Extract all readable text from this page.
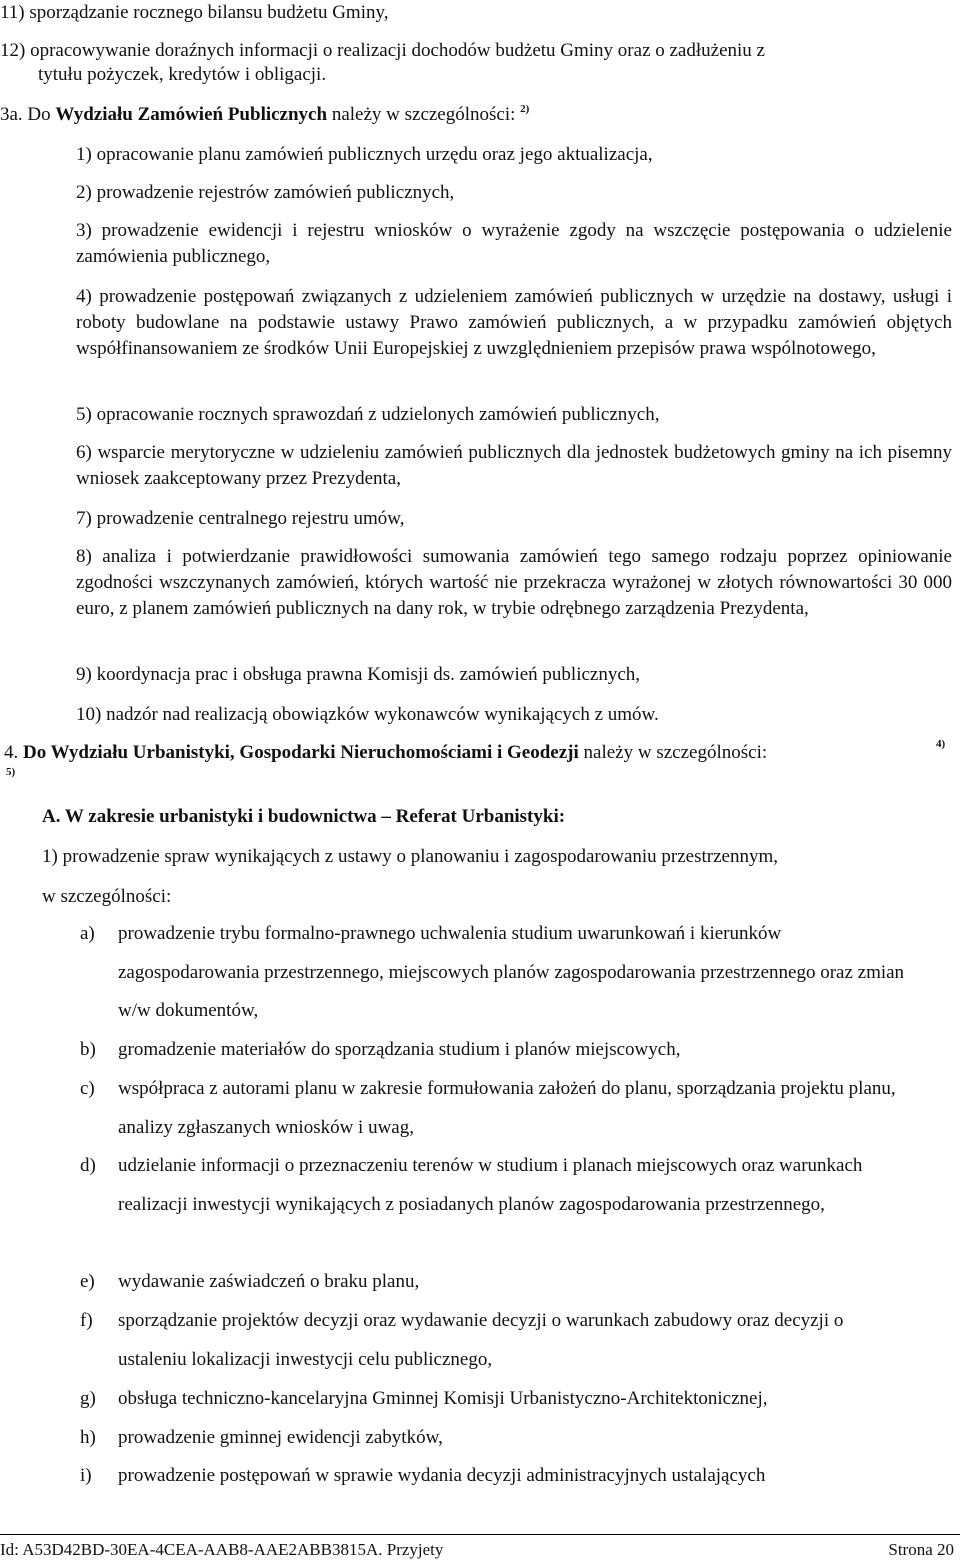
11) sporządzanie rocznego bilansu budżetu Gminy,
12) opracowywanie doraźnych informacji o realizacji dochodów budżetu Gminy oraz o zadłużeniu z
tytułu pożyczek, kredytów i obligacji.
3a. Do Wydziału Zamówień Publicznych należy w szczególności: $^{2)}$
1) opracowanie planu zamówień publicznych urzędu oraz jego aktualizacja,
2) prowadzenie rejestrów zamówień publicznych,
3) prowadzenie ewidencji i rejestru wniosków o wyrażenie zgody na wszczęcie postępowania o udzielenie zamówienia publicznego,
4) prowadzenie postępowań związanych z udzieleniem zamówień publicznych w urzędzie na dostawy, usługi i roboty budowlane na podstawie ustawy Prawo zamówień publicznych, a w przypadku zamówień objętych współfinansowaniem ze środków Unii Europejskiej z uwzględnieniem przepisów prawa wspólnotowego,
5) opracowanie rocznych sprawozdań z udzielonych zamówień publicznych,
6) wsparcie merytoryczne w udzieleniu zamówień publicznych dla jednostek budżetowych gminy na ich pisemny wniosek zaakceptowany przez Prezydenta,
7) prowadzenie centralnego rejestru umów,
8) analiza i potwierdzanie prawidłowości sumowania zamówień tego samego rodzaju poprzez opiniowanie zgodności wszczynanych zamówień, których wartość nie przekracza wyrażonej w złotych równowartości 30 000 euro, z planem zamówień publicznych na dany rok, w trybie odrębnego zarządzenia Prezydenta,
9) koordynacja prac i obsługa prawna Komisji ds. zamówień publicznych,
10) nadzór nad realizacją obowiązków wykonawców wynikających z umów.
4. Do Wydziału Urbanistyki, Gospodarki Nieruchomościami i Geodezji należy w szczególności:	4)
5)
A. W zakresie urbanistyki i budownictwa – Referat Urbanistyki:
1) prowadzenie spraw wynikających z ustawy o planowaniu i zagospodarowaniu przestrzennym,
w szczególności:
a)	prowadzenie trybu formalno-prawnego uchwalenia studium uwarunkowań i kierunków zagospodarowania przestrzennego, miejscowych planów zagospodarowania przestrzennego oraz zmian w/w dokumentów,
b)	gromadzenie materiałów do sporządzania studium i planów miejscowych,
c)	współpraca z autorami planu w zakresie formułowania założeń do planu, sporządzania projektu planu, analizy zgłaszanych wniosków i uwag,
d)	udzielanie informacji o przeznaczeniu terenów w studium i planach miejscowych oraz warunkach realizacji inwestycji wynikających z posiadanych planów zagospodarowania przestrzennego,
e)	wydawanie zaświadczeń o braku planu,
f)	sporządzanie projektów decyzji oraz wydawanie decyzji o warunkach zabudowy oraz decyzji o ustaleniu lokalizacji inwestycji celu publicznego,
g)	obsługa techniczno-kancelaryjna Gminnej Komisji Urbanistyczno-Architektonicznej,
h)	prowadzenie gminnej ewidencji zabytków,
i)	prowadzenie postępowań w sprawie wydania decyzji administracyjnych ustalających
Id: A53D42BD-30EA-4CEA-AAB8-AAE2ABB3815A. Przyjety	Strona 20
